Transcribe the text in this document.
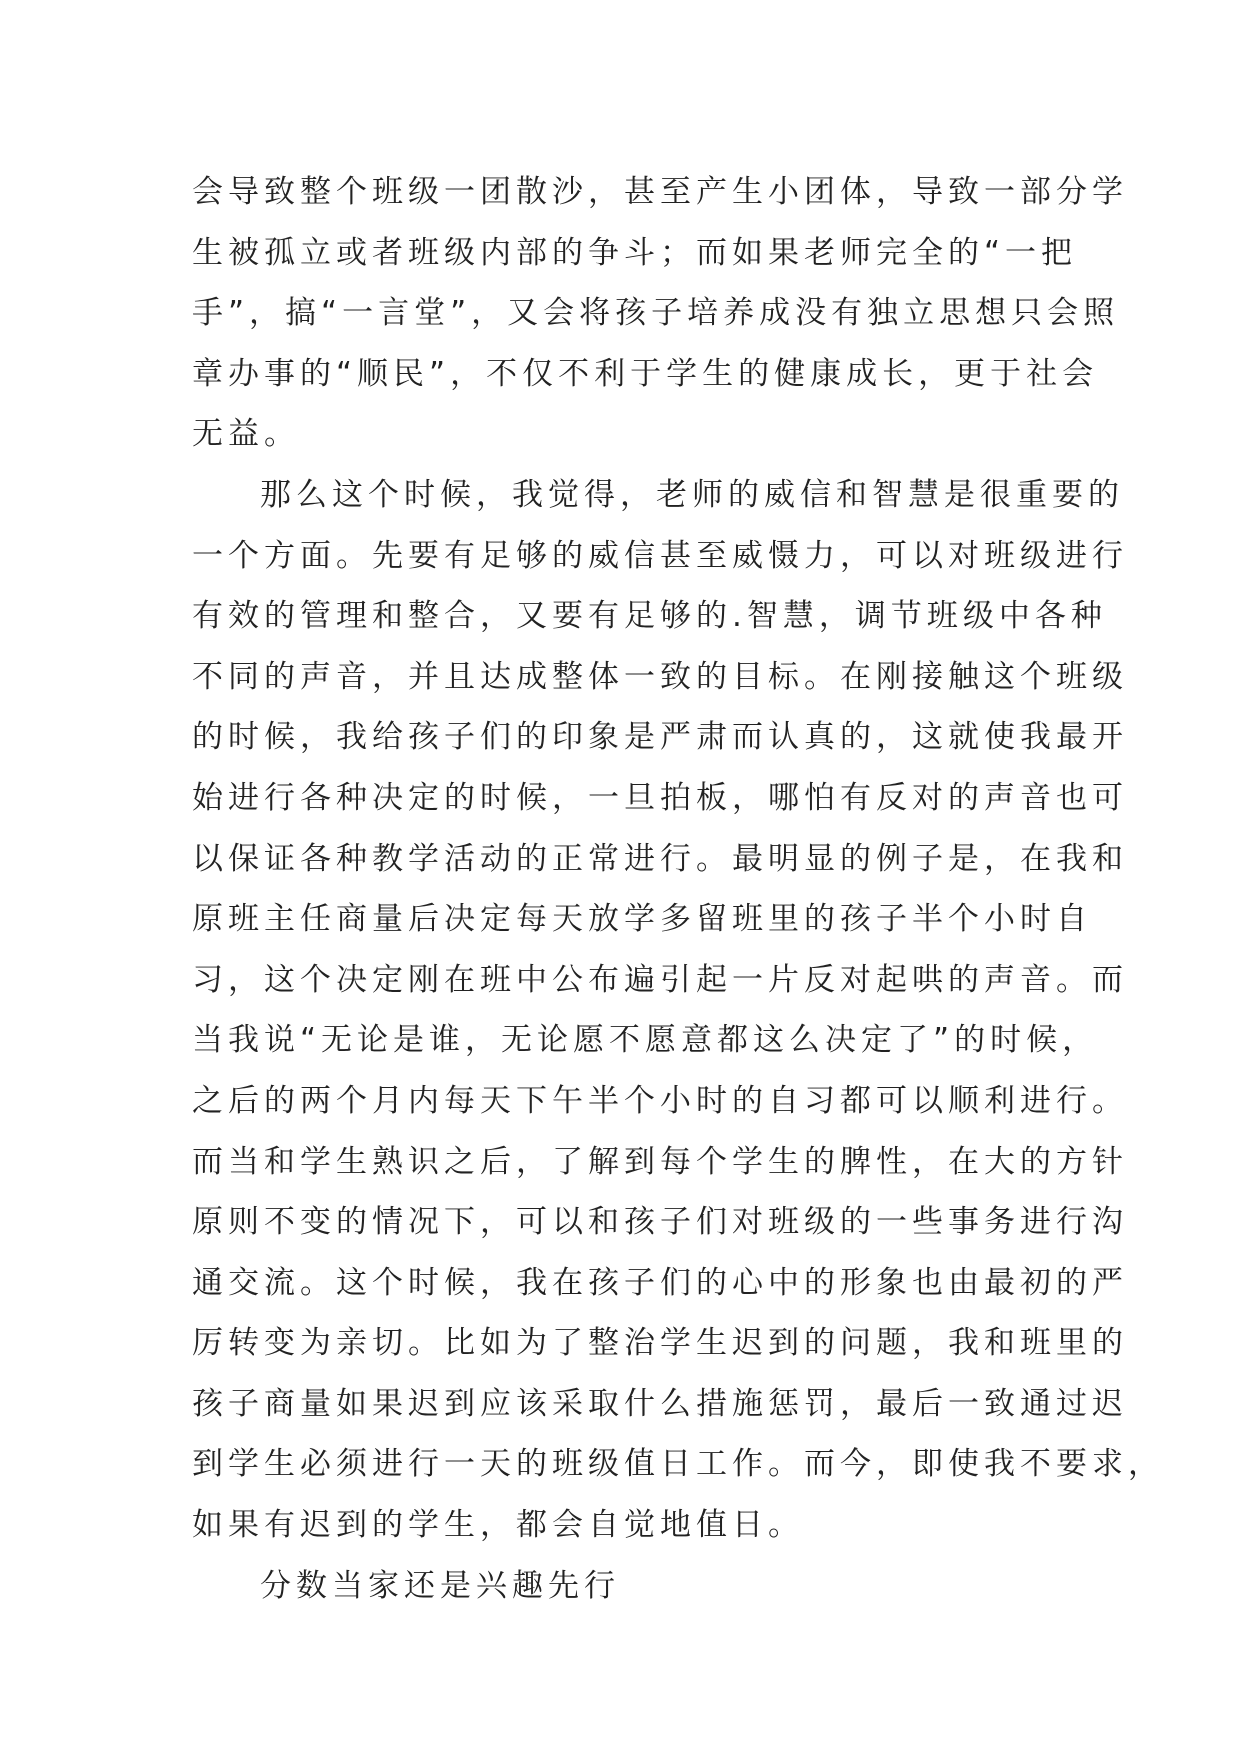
会导致整个班级一团散沙，甚至产生小团体，导致一部分学
生被孤立或者班级内部的争斗；而如果老师完全的“一把
手”，搞“一言堂”，又会将孩子培养成没有独立思想只会照
章办事的“顺民”，不仅不利于学生的健康成长，更于社会
无益。
那么这个时候，我觉得，老师的威信和智慧是很重要的
一个方面。先要有足够的威信甚至威慑力，可以对班级进行
有效的管理和整合，又要有足够的.智慧，调节班级中各种
不同的声音，并且达成整体一致的目标。在刚接触这个班级
的时候，我给孩子们的印象是严肃而认真的，这就使我最开
始进行各种决定的时候，一旦拍板，哪怕有反对的声音也可
以保证各种教学活动的正常进行。最明显的例子是，在我和
原班主任商量后决定每天放学多留班里的孩子半个小时自
习，这个决定刚在班中公布遍引起一片反对起哄的声音。而
当我说“无论是谁，无论愿不愿意都这么决定了”的时候，
之后的两个月内每天下午半个小时的自习都可以顺利进行。
而当和学生熟识之后，了解到每个学生的脾性，在大的方针
原则不变的情况下，可以和孩子们对班级的一些事务进行沟
通交流。这个时候，我在孩子们的心中的形象也由最初的严
厉转变为亲切。比如为了整治学生迟到的问题，我和班里的
孩子商量如果迟到应该采取什么措施惩罚，最后一致通过迟
到学生必须进行一天的班级值日工作。而今，即使我不要求，
如果有迟到的学生，都会自觉地值日。
分数当家还是兴趣先行
